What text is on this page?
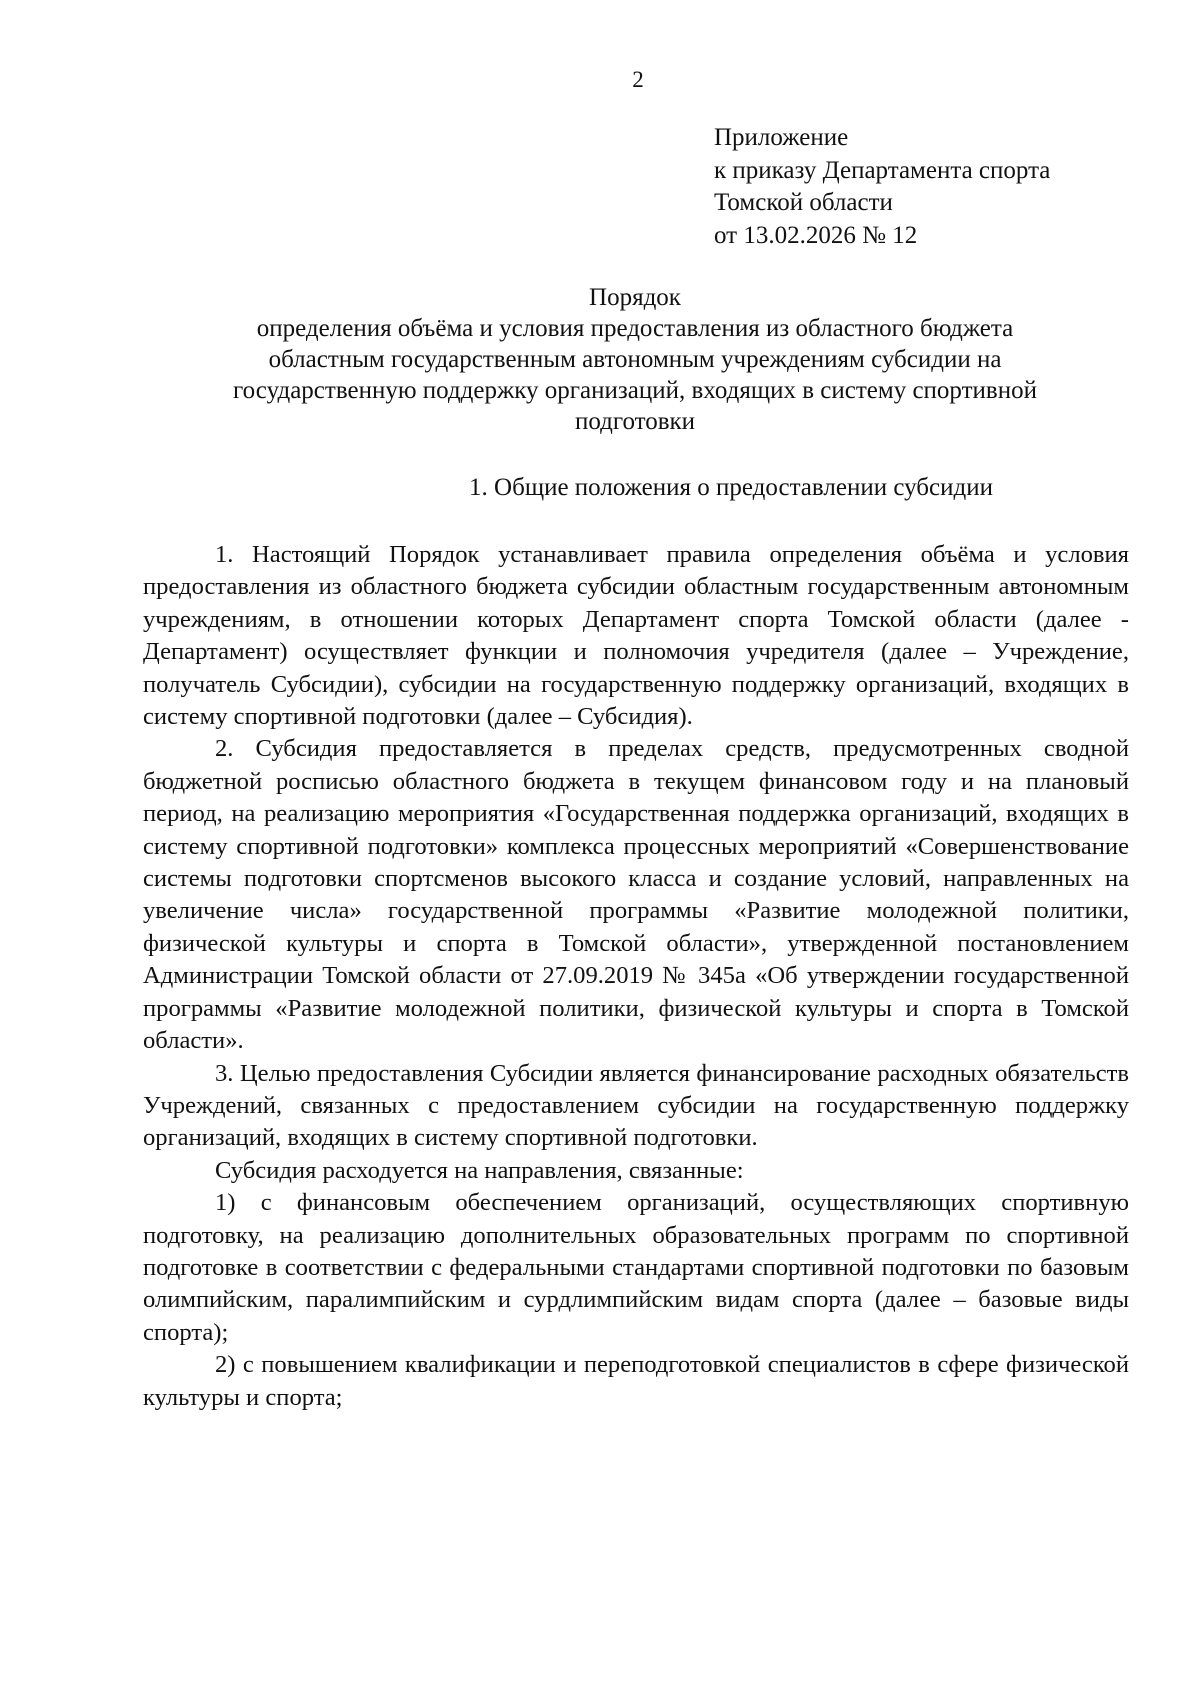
2
Приложение
к приказу Департамента спорта
Томской области
от 13.02.2026 № 12
Порядок
определения объёма и условия предоставления из областного бюджета
областным государственным автономным учреждениям субсидии на
государственную поддержку организаций, входящих в систему спортивной
подготовки
1. Общие положения о предоставлении субсидии

1. Настоящий Порядок устанавливает правила определения объёма и условия предоставления из областного бюджета субсидии областным государственным автономным учреждениям, в отношении которых Департамент спорта Томской области (далее - Департамент) осуществляет функции и полномочия учредителя (далее – Учреждение, получатель Субсидии), субсидии на государственную поддержку организаций, входящих в систему спортивной подготовки (далее – Субсидия).

2. Субсидия предоставляется в пределах средств, предусмотренных сводной бюджетной росписью областного бюджета в текущем финансовом году и на плановый период, на реализацию мероприятия «Государственная поддержка организаций, входящих в систему спортивной подготовки» комплекса процессных мероприятий «Совершенствование системы подготовки спортсменов высокого класса и создание условий, направленных на увеличение числа» государственной программы «Развитие молодежной политики, физической культуры и спорта в Томской области», утвержденной постановлением Администрации Томской области от 27.09.2019 № 345а «Об утверждении государственной программы «Развитие молодежной политики, физической культуры и спорта в Томской области».

3. Целью предоставления Субсидии является финансирование расходных обязательств Учреждений, связанных с предоставлением субсидии на государственную поддержку организаций, входящих в систему спортивной подготовки.

Субсидия расходуется на направления, связанные:

1) с финансовым обеспечением организаций, осуществляющих спортивную подготовку, на реализацию дополнительных образовательных программ по спортивной подготовке в соответствии с федеральными стандартами спортивной подготовки по базовым олимпийским, паралимпийским и сурдлимпийским видам спорта (далее – базовые виды спорта);

2) с повышением квалификации и переподготовкой специалистов в сфере физической культуры и спорта;
